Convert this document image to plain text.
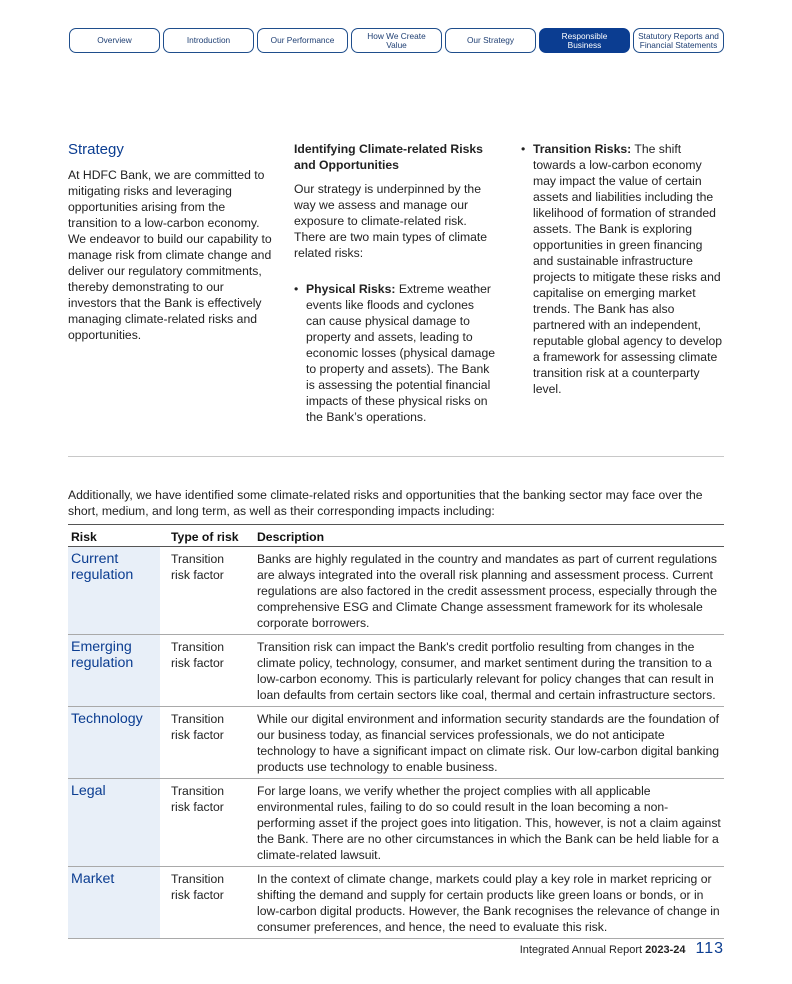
Overview	Introduction	Our Performance	How We Create Value	Our Strategy	Responsible Business
Statutory Reports and Financial Statements
Strategy
At HDFC Bank, we are committed to mitigating risks and leveraging opportunities arising from the transition to a low-carbon economy. We endeavor to build our capability to manage risk from climate change and deliver our regulatory commitments, thereby demonstrating to our investors that the Bank is effectively managing climate-related risks and opportunities.
Identifying Climate-related Risks and Opportunities
Our strategy is underpinned by the way we assess and manage our exposure to climate-related risk. There are two main types of climate related risks:
• Physical Risks: Extreme weather events like floods and cyclones can cause physical damage to property and assets, leading to economic losses (physical damage to property and assets). The Bank is assessing the potential financial impacts of these physical risks on the Bank’s operations.
• Transition Risks: The shift towards a low-carbon economy may impact the value of certain assets and liabilities including the likelihood of formation of stranded assets. The Bank is exploring opportunities in green financing and sustainable infrastructure projects to mitigate these risks and capitalise on emerging market trends. The Bank has also partnered with an independent, reputable global agency to develop a framework for assessing climate transition risk at a counterparty level.
Additionally, we have identified some climate-related risks and opportunities that the banking sector may face over the short, medium, and long term, as well as their corresponding impacts including:
Risk	Type of risk	Description
Current regulation	Transition risk factor	Banks are highly regulated in the country and mandates as part of current regulations are always integrated into the overall risk planning and assessment process. Current regulations are also factored in the credit assessment process, especially through the comprehensive ESG and Climate Change assessment framework for its wholesale corporate borrowers.
Emerging regulation	Transition risk factor	Transition risk can impact the Bank's credit portfolio resulting from changes in the climate policy, technology, consumer, and market sentiment during the transition to a low-carbon economy. This is particularly relevant for policy changes that can result in loan defaults from certain sectors like coal, thermal and certain infrastructure sectors.
Technology	Transition risk factor	While our digital environment and information security standards are the foundation of our business today, as financial services professionals, we do not anticipate technology to have a significant impact on climate risk. Our low-carbon digital banking products use technology to enable business.
Legal	Transition risk factor	For large loans, we verify whether the project complies with all applicable environmental rules, failing to do so could result in the loan becoming a non-performing asset if the project goes into litigation. This, however, is not a claim against the Bank. There are no other circumstances in which the Bank can be held liable for a climate-related lawsuit.
Market	Transition risk factor	In the context of climate change, markets could play a key role in market repricing or shifting the demand and supply for certain products like green loans or bonds, or in low-carbon digital products. However, the Bank recognises the relevance of change in consumer preferences, and hence, the need to evaluate this risk.
Integrated Annual Report 2023-24 113
